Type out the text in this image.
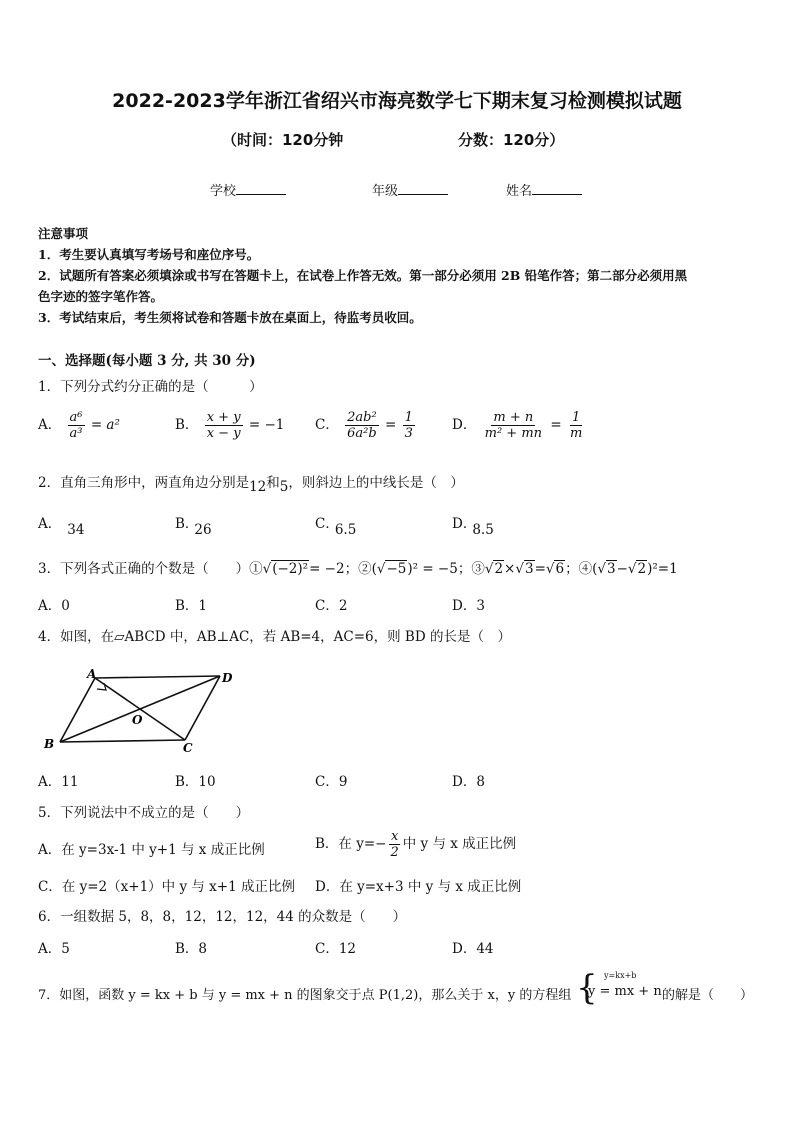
2022-2023学年浙江省绍兴市海亮数学七下期末复习检测模拟试题
（时间：120分钟	分数：120分）
学校	年级	姓名
注意事项
1．考生要认真填写考场号和座位序号。
2．试题所有答案必须填涂或书写在答题卡上，在试卷上作答无效。第一部分必须用 2B 铅笔作答；第二部分必须用黑
色字迹的签字笔作答。
3．考试结束后，考生须将试卷和答题卡放在桌面上，待监考员收回。
一、选择题(每小题 3 分, 共 30 分)
1．下列分式约分正确的是（　　　）
A． $\frac{\text{a⁶}}{\text{a³}} = a^2$	B． $\frac{x + y}{x - y} = -1$ C． $\frac{\text{2ab²}}{\text{6a²b}} = \frac{1}{3}$	D． $\frac{m + n}{\text{m² + mn}} = \frac{1}{m}$
2．直角三角形中，两直角边分别是12和5，则斜边上的中线长是（　）
A． 34	B．26	C．6.5	D．8.5
3．下列各式正确的个数是（　　）①√(−2)²= −2；②(√−5)² = −5；③√2×√3=√6；④(√3−√2)²=1
A．0	B．1	C．2	D．3
4．如图，在▱ABCD 中，AB⊥AC，若 AB=4，AC=6，则 BD 的长是（　）
A
B	C
D
O
A．11	B．10	C．9	D．8
5．下列说法中不成立的是（　　）
A．在 y=3x-1 中 y+1 与 x 成正比例	B．在 $y=- \frac{x}{2}$ 中 y 与 x 成正比例
C．在 y=2（x+1）中 y 与 x+1 成正比例 D．在 y=x+3 中 y 与 x 成正比例
6．一组数据 5，8，8，12，12，12，44 的众数是（　　）
A．5	B．8	C．12	D．44
7．如图，函数 y = kx + b 与 y = mx + n 的图象交于点 P(1,2)，那么关于 x，y 的方程组 { y=kx+b
y = mx + n 的解是（　　）
